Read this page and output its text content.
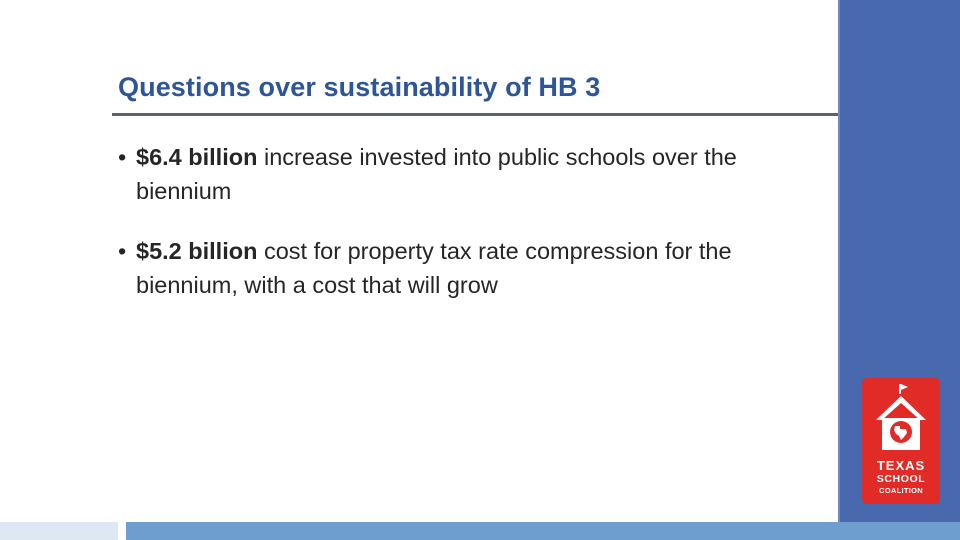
Questions over sustainability of HB 3
• $6.4 billion increase invested into public schools over the biennium
• $5.2 billion cost for property tax rate compression for the biennium, with a cost that will grow
TEXAS
SCHOOL
COALITION
